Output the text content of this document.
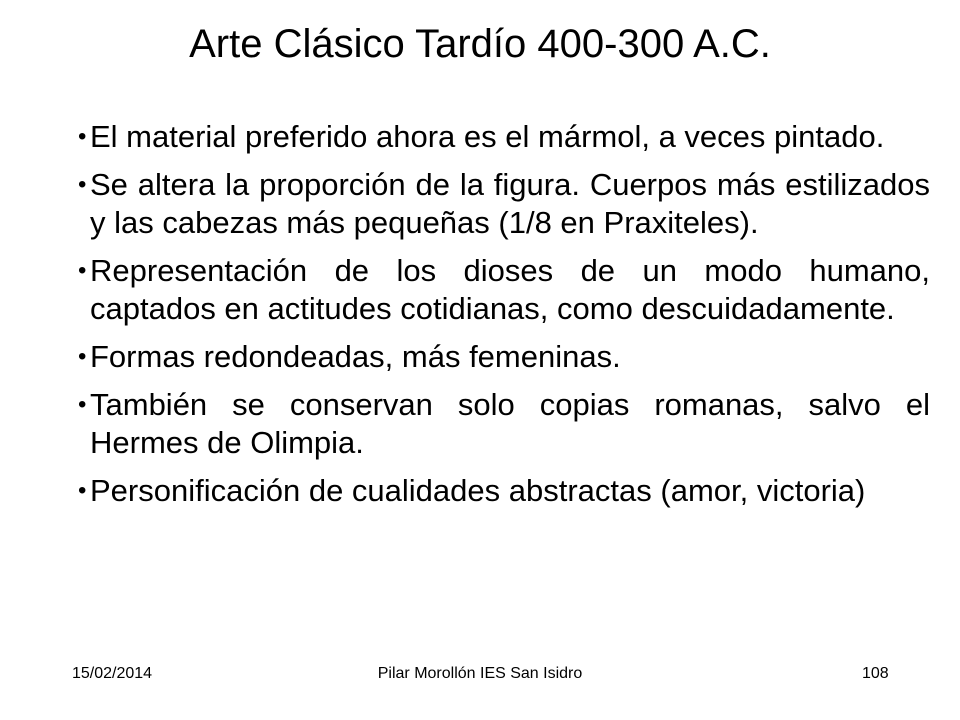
Arte Clásico Tardío 400-300 A.C.
• El material preferido ahora es el mármol, a veces pintado.
• Se altera la proporción de la figura. Cuerpos más estilizados y las cabezas más pequeñas (1/8 en Praxiteles).
• Representación de los dioses de un modo humano, captados en actitudes cotidianas, como descuidadamente.
• Formas redondeadas, más femeninas.
• También se conservan solo copias romanas, salvo el Hermes de Olimpia.
• Personificación de cualidades abstractas (amor, victoria)
15/02/2014	Pilar Morollón IES San Isidro	108
